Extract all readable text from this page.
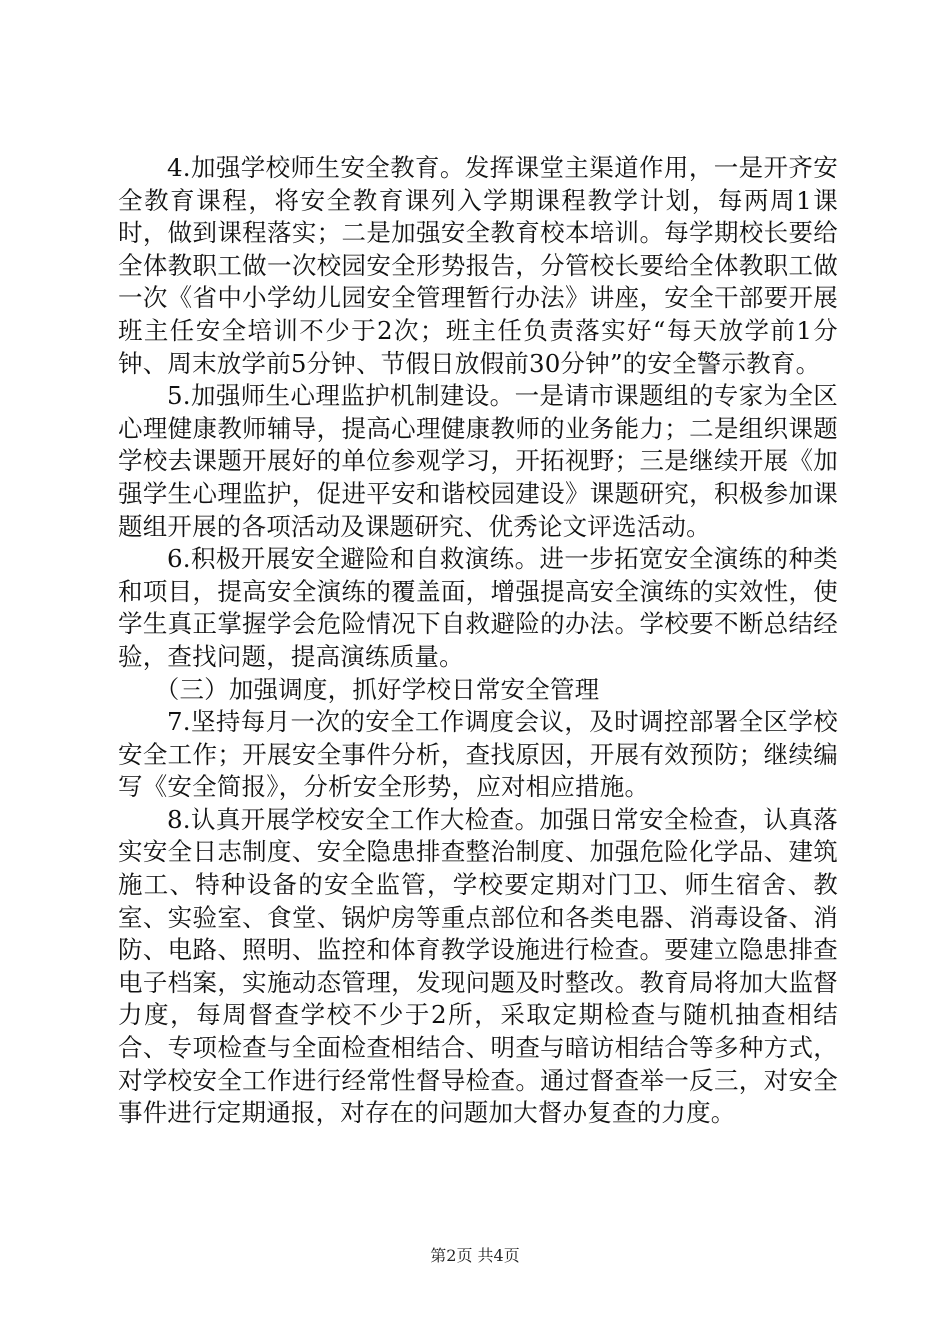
4.加强学校师生安全教育。发挥课堂主渠道作用，一是开齐安全教育课程，将安全教育课列入学期课程教学计划，每两周1课时，做到课程落实；二是加强安全教育校本培训。每学期校长要给全体教职工做一次校园安全形势报告，分管校长要给全体教职工做一次《省中小学幼儿园安全管理暂行办法》讲座，安全干部要开展班主任安全培训不少于2次；班主任负责落实好“每天放学前1分钟、周末放学前5分钟、节假日放假前30分钟”的安全警示教育。

5.加强师生心理监护机制建设。一是请市课题组的专家为全区心理健康教师辅导，提高心理健康教师的业务能力；二是组织课题学校去课题开展好的单位参观学习，开拓视野；三是继续开展《加强学生心理监护，促进平安和谐校园建设》课题研究，积极参加课题组开展的各项活动及课题研究、优秀论文评选活动。

6.积极开展安全避险和自救演练。进一步拓宽安全演练的种类和项目，提高安全演练的覆盖面，增强提高安全演练的实效性，使学生真正掌握学会危险情况下自救避险的办法。学校要不断总结经验，查找问题，提高演练质量。

（三）加强调度，抓好学校日常安全管理

7.坚持每月一次的安全工作调度会议，及时调控部署全区学校安全工作；开展安全事件分析，查找原因，开展有效预防；继续编写《安全简报》，分析安全形势，应对相应措施。

8.认真开展学校安全工作大检查。加强日常安全检查，认真落实安全日志制度、安全隐患排查整治制度、加强危险化学品、建筑施工、特种设备的安全监管，学校要定期对门卫、师生宿舍、教室、实验室、食堂、锅炉房等重点部位和各类电器、消毒设备、消防、电路、照明、监控和体育教学设施进行检查。要建立隐患排查电子档案，实施动态管理，发现问题及时整改。教育局将加大监督力度，每周督查学校不少于2所，采取定期检查与随机抽查相结合、专项检查与全面检查相结合、明查与暗访相结合等多种方式，对学校安全工作进行经常性督导检查。通过督查举一反三，对安全事件进行定期通报，对存在的问题加大督办复查的力度。

第2页 共4页
